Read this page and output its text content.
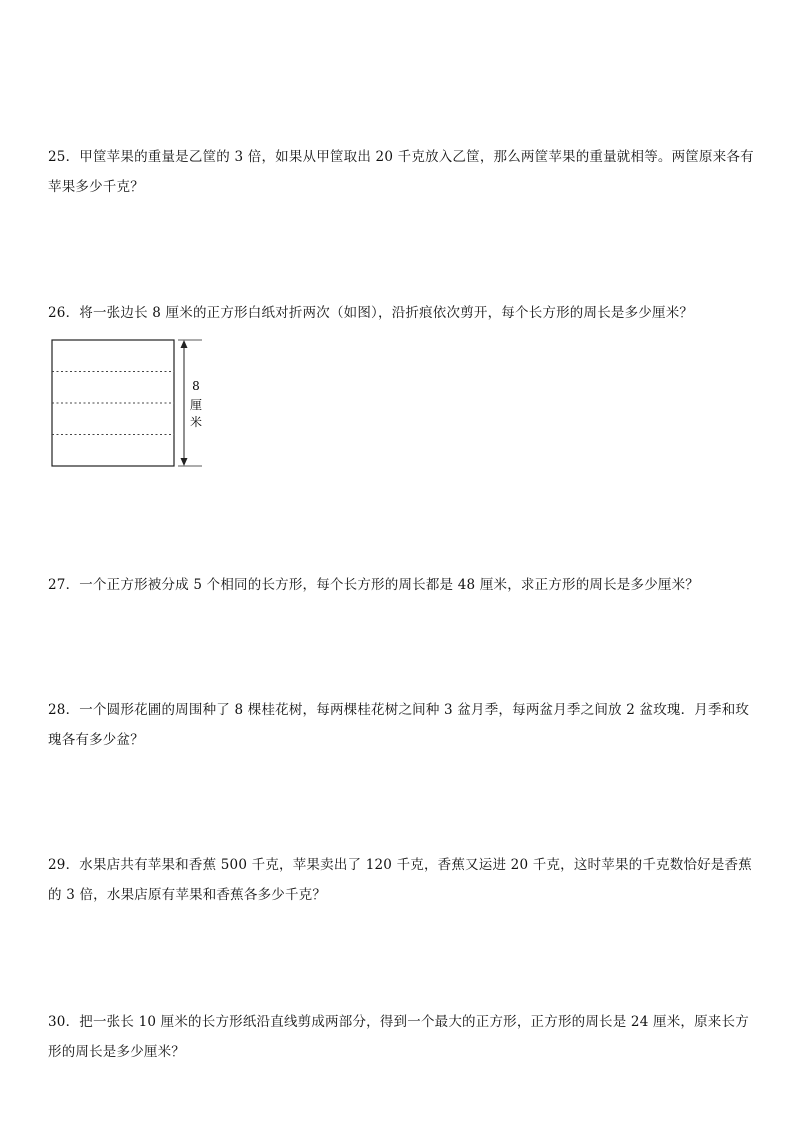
25．甲筐苹果的重量是乙筐的 3 倍，如果从甲筐取出 20 千克放入乙筐，那么两筐苹果的重量就相等。两筐原来各有苹果多少千克？
26．将一张边长 8 厘米的正方形白纸对折两次（如图），沿折痕依次剪开，每个长方形的周长是多少厘米？
8
厘
米
27．一个正方形被分成 5 个相同的长方形，每个长方形的周长都是 48 厘米，求正方形的周长是多少厘米？
28．一个圆形花圃的周围种了 8 棵桂花树，每两棵桂花树之间种 3 盆月季，每两盆月季之间放 2 盆玫瑰．月季和玫瑰各有多少盆？
29．水果店共有苹果和香蕉 500 千克，苹果卖出了 120 千克，香蕉又运进 20 千克，这时苹果的千克数恰好是香蕉的 3 倍，水果店原有苹果和香蕉各多少千克？
30．把一张长 10 厘米的长方形纸沿直线剪成两部分，得到一个最大的正方形，正方形的周长是 24 厘米，原来长方形的周长是多少厘米？
